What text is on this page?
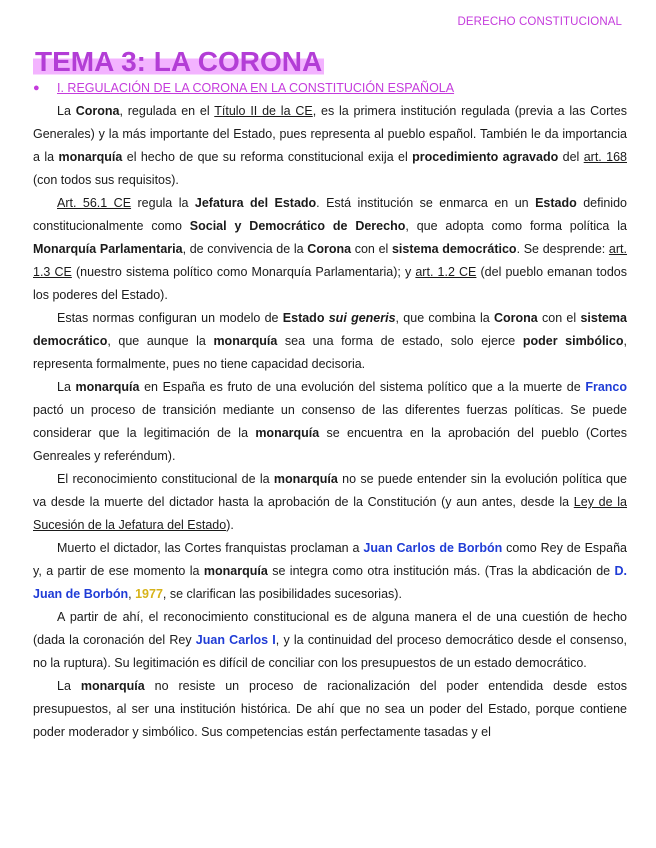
DERECHO CONSTITUCIONAL
TEMA 3: LA CORONA
● I. REGULACIÓN DE LA CORONA EN LA CONSTITUCIÓN ESPAÑOLA

La Corona, regulada en el Título II de la CE, es la primera institución regulada (previa a las Cortes Generales) y la más importante del Estado, pues representa al pueblo español. También le da importancia a la monarquía el hecho de que su reforma constitucional exija el procedimiento agravado del art. 168 (con todos sus requisitos).

Art. 56.1 CE regula la Jefatura del Estado. Está institución se enmarca en un Estado definido constitucionalmente como Social y Democrático de Derecho, que adopta como forma política la Monarquía Parlamentaria, de convivencia de la Corona con el sistema democrático. Se desprende: art. 1.3 CE (nuestro sistema político como Monarquía Parlamentaria); y art. 1.2 CE (del pueblo emanan todos los poderes del Estado).

Estas normas configuran un modelo de Estado sui generis, que combina la Corona con el sistema democrático, que aunque la monarquía sea una forma de estado, solo ejerce poder simbólico, representa formalmente, pues no tiene capacidad decisoria.

La monarquía en España es fruto de una evolución del sistema político que a la muerte de Franco pactó un proceso de transición mediante un consenso de las diferentes fuerzas políticas. Se puede considerar que la legitimación de la monarquía se encuentra en la aprobación del pueblo (Cortes Genreales y referéndum).

El reconocimiento constitucional de la monarquía no se puede entender sin la evolución política que va desde la muerte del dictador hasta la aprobación de la Constitución (y aun antes, desde la Ley de la Sucesión de la Jefatura del Estado).

Muerto el dictador, las Cortes franquistas proclaman a Juan Carlos de Borbón como Rey de España y, a partir de ese momento la monarquía se integra como otra institución más. (Tras la abdicación de D. Juan de Borbón, 1977, se clarifican las posibilidades sucesorias).

A partir de ahí, el reconocimiento constitucional es de alguna manera el de una cuestión de hecho (dada la coronación del Rey Juan Carlos I, y la continuidad del proceso democrático desde el consenso, no la ruptura). Su legitimación es difícil de conciliar con los presupuestos de un estado democrático.

La monarquía no resiste un proceso de racionalización del poder entendida desde estos presupuestos, al ser una institución histórica. De ahí que no sea un poder del Estado, porque contiene poder moderador y simbólico. Sus competencias están perfectamente tasadas y el
